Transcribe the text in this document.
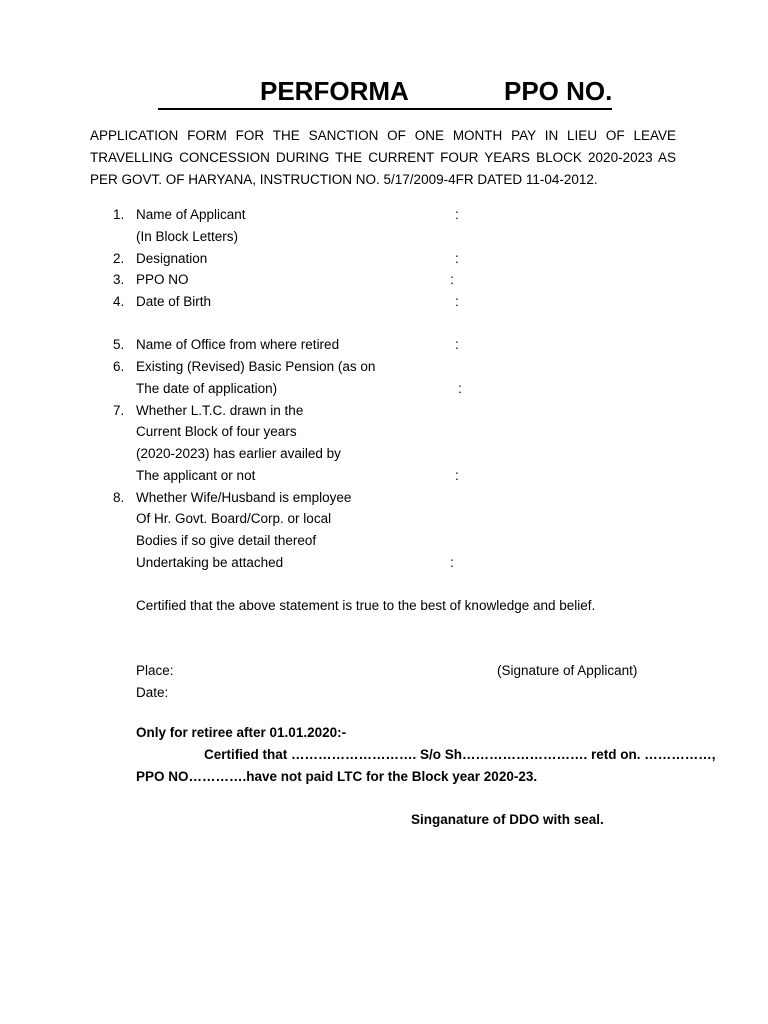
PERFORMA	PPO NO.
APPLICATION FORM FOR THE SANCTION OF ONE MONTH PAY IN LIEU OF LEAVE TRAVELLING CONCESSION DURING THE CURRENT FOUR YEARS BLOCK 2020-2023 AS PER GOVT. OF HARYANA, INSTRUCTION NO. 5/17/2009-4FR DATED 11-04-2012.
1. Name of Applicant	:
(In Block Letters)
2. Designation	:
3. PPO NO	:
4. Date of Birth	:
5. Name of Office from where retired	:
6. Existing (Revised) Basic Pension (as on
The date of application)	:
7. Whether L.T.C. drawn in the
Current Block of four years
(2020-2023) has earlier availed by
The applicant or not	:
8. Whether Wife/Husband is employee
Of Hr. Govt. Board/Corp. or local
Bodies if so give detail thereof
Undertaking be attached	:
Certified that the above statement is true to the best of knowledge and belief.
Place:	(Signature of Applicant)
Date:
Only for retiree after 01.01.2020:-
Certified that ………………………. S/o Sh………………………. retd on. ……………,
PPO NO………….have not paid LTC for the Block year 2020-23.
Singanature of DDO with seal.
